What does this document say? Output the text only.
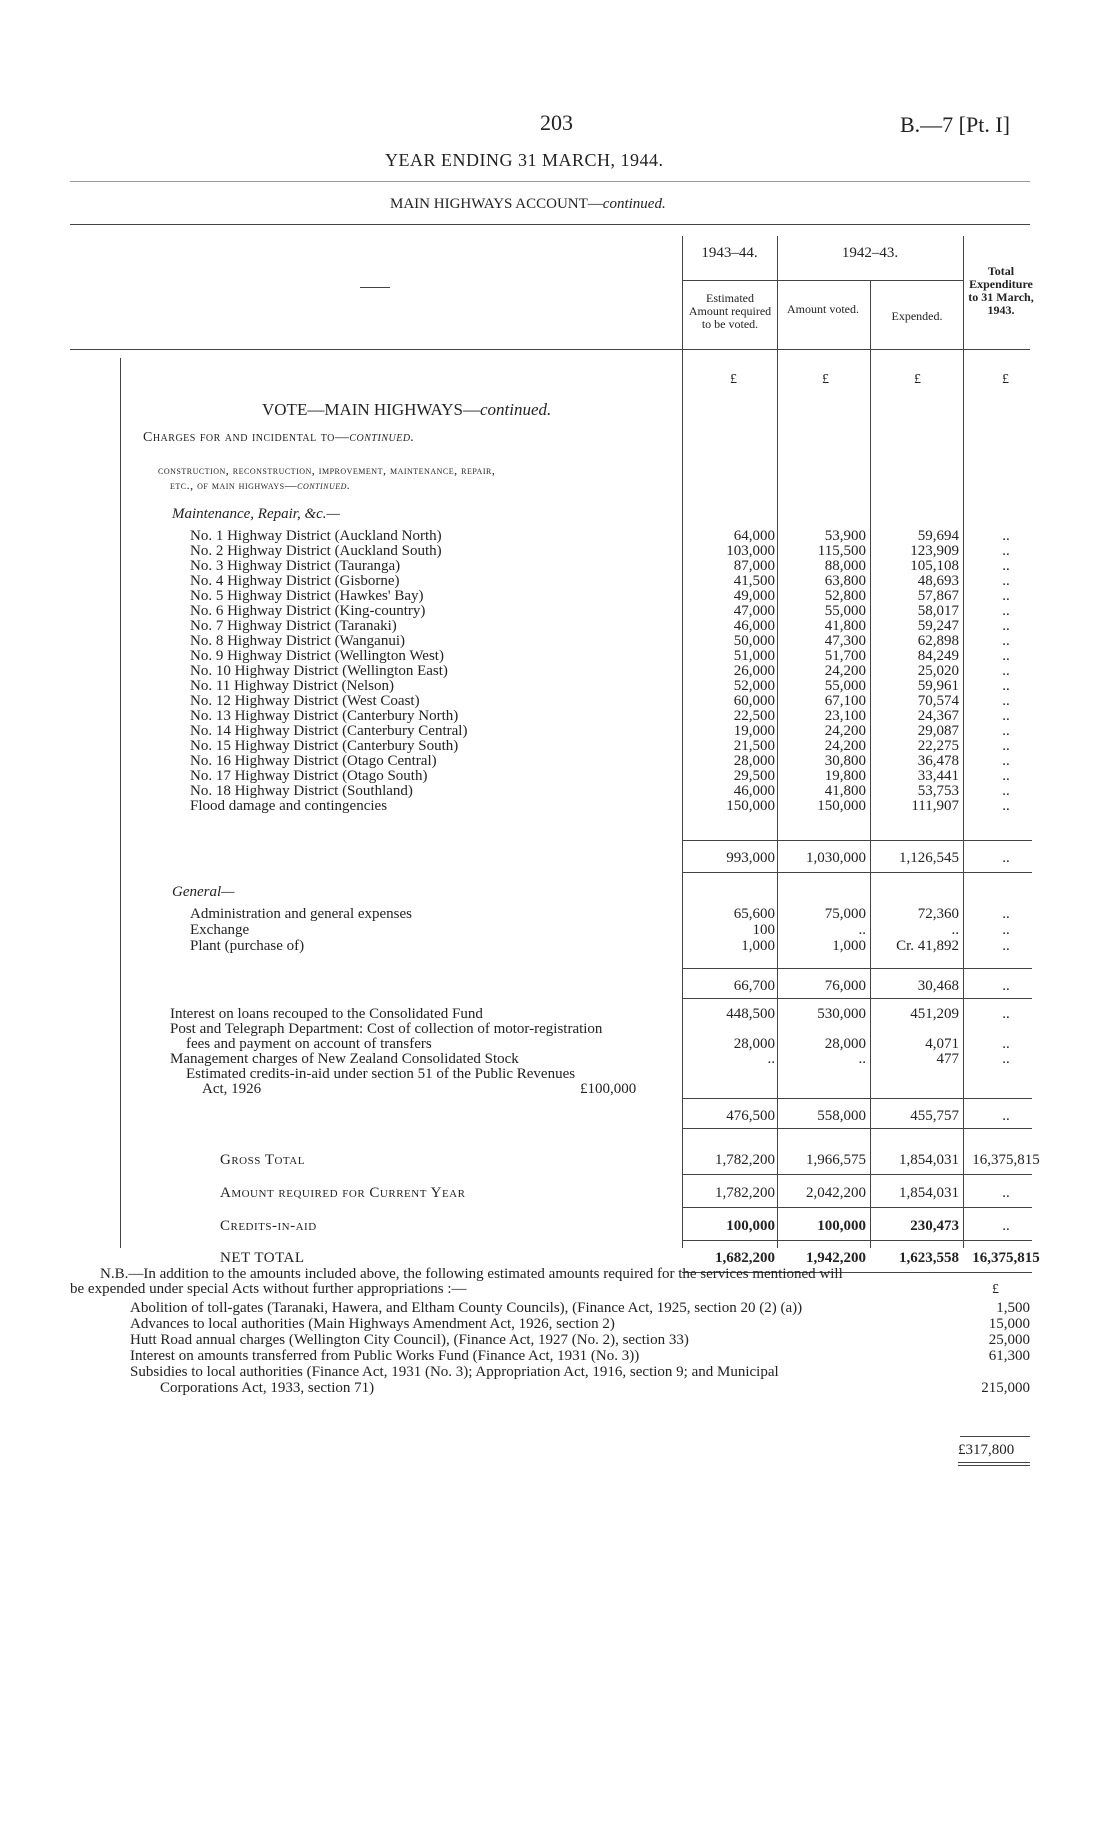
203	B.—7 [Pt. I]
YEAR ENDING 31 MARCH, 1944.
MAIN HIGHWAYS ACCOUNT—continued.
1943–44.	1942–43.
Estimated Amount required to be voted.
Amount voted.	Expended.
Total Expenditure to 31 March, 1943.
£	£	£	£
VOTE—MAIN HIGHWAYS—continued.
Charges for and incidental to—continued.
construction, reconstruction, improvement, maintenance, repair,
etc., of main highways—continued.
Maintenance, Repair, &c.—
No. 1 Highway District (Auckland North)	64,000	53,900	59,694	..
No. 2 Highway District (Auckland South)	103,000	115,500	123,909	..
No. 3 Highway District (Tauranga)	87,000	88,000	105,108	..
No. 4 Highway District (Gisborne)	41,500	63,800	48,693	..
No. 5 Highway District (Hawkes' Bay)	49,000	52,800	57,867	..
No. 6 Highway District (King-country)	47,000	55,000	58,017	..
No. 7 Highway District (Taranaki)	46,000	41,800	59,247	..
No. 8 Highway District (Wanganui)	50,000	47,300	62,898	..
No. 9 Highway District (Wellington West)	51,000	51,700	84,249	..
No. 10 Highway District (Wellington East)	26,000	24,200	25,020	..
No. 11 Highway District (Nelson)	52,000	55,000	59,961	..
No. 12 Highway District (West Coast)	60,000	67,100	70,574	..
No. 13 Highway District (Canterbury North)	22,500	23,100	24,367	..
No. 14 Highway District (Canterbury Central)	19,000	24,200	29,087	..
No. 15 Highway District (Canterbury South)	21,500	24,200	22,275	..
No. 16 Highway District (Otago Central)	28,000	30,800	36,478	..
No. 17 Highway District (Otago South)	29,500	19,800	33,441	..
No. 18 Highway District (Southland)	46,000	41,800	53,753	..
Flood damage and contingencies	150,000	150,000	111,907	..
993,000	1,030,000	1,126,545	..
General—
Administration and general expenses	65,600	75,000	72,360	..
Exchange	100	..	..	..
Plant (purchase of)	1,000	1,000	Cr. 41,892	..
66,700	76,000	30,468	..
Interest on loans recouped to the Consolidated Fund	448,500	530,000	451,209	..
Post and Telegraph Department: Cost of collection of motor-registration
fees and payment on account of transfers	28,000	28,000	4,071	..
Management charges of New Zealand Consolidated Stock	..	..	477	..
Estimated credits-in-aid under section 51 of the Public Revenues
Act, 1926	£100,000
476,500	558,000	455,757	..
Gross Total	1,782,200	1,966,575	1,854,031 16,375,815
Amount required for Current Year	1,782,200	2,042,200	1,854,031	..
Credits-in-aid	100,000	100,000	230,473	..
NET TOTAL	1,682,200	1,942,200	1,623,558 16,375,815
N.B.—In addition to the amounts included above, the following estimated amounts required for the services mentioned will
be expended under special Acts without further appropriations :—	£
Abolition of toll-gates (Taranaki, Hawera, and Eltham County Councils), (Finance Act, 1925, section 20 (2) (a))	1,500
Advances to local authorities (Main Highways Amendment Act, 1926, section 2)	15,000
Hutt Road annual charges (Wellington City Council), (Finance Act, 1927 (No. 2), section 33)	25,000
Interest on amounts transferred from Public Works Fund (Finance Act, 1931 (No. 3))	61,300
Subsidies to local authorities (Finance Act, 1931 (No. 3); Appropriation Act, 1916, section 9; and Municipal
Corporations Act, 1933, section 71)	215,000
£317,800
